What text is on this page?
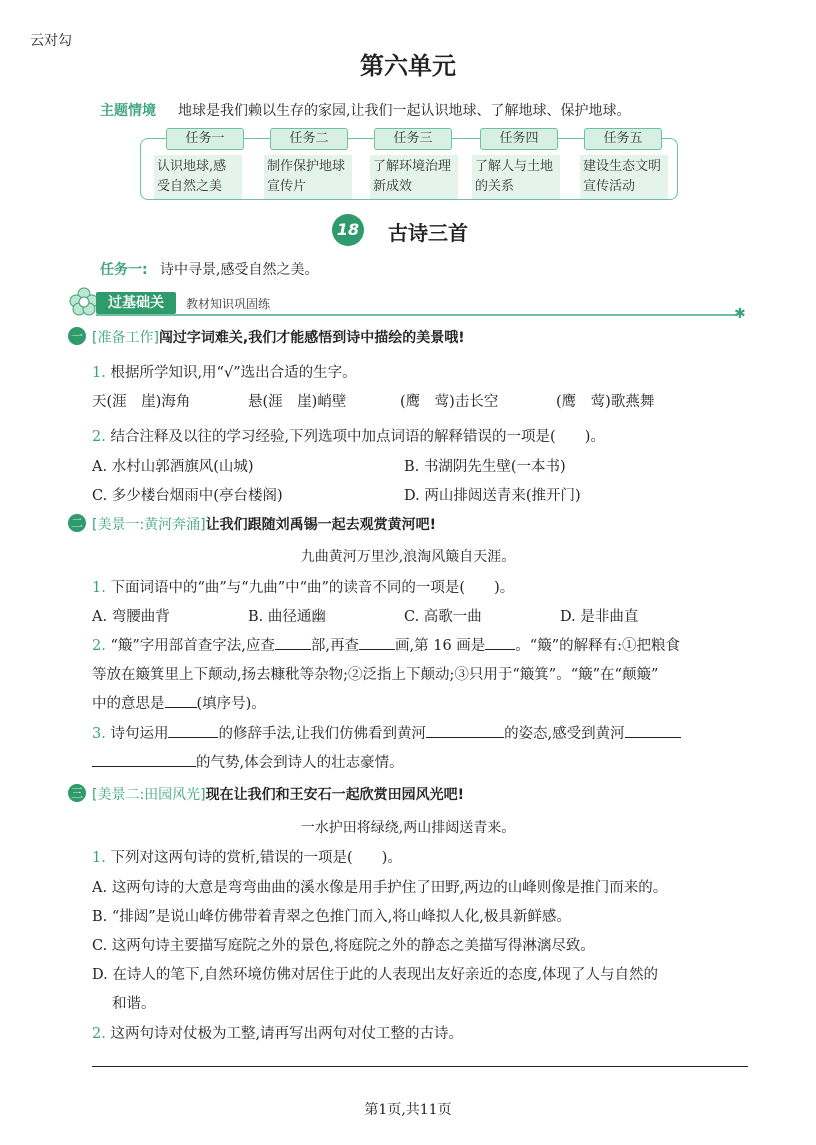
云对勾
第六单元
主题情境 地球是我们赖以生存的家园,让我们一起认识地球、了解地球、保护地球。
任务一
认识地球,感受自然之美
任务二
制作保护地球宣传片
任务三
了解环境治理新成效
任务四
了解人与土地的关系
任务五
建设生态文明宣传活动
18 古诗三首
任务一: 诗中寻景,感受自然之美。
过基础关	教材知识巩固练
✱
一 [准备工作]闯过字词难关,我们才能感悟到诗中描绘的美景哦!
1. 根据所学知识,用“√”选出合适的生字。
天(涯　崖)海角	悬(涯　崖)峭壁	(鹰　莺)击长空	(鹰　莺)歌燕舞
2. 结合注释及以往的学习经验,下列选项中加点词语的解释错误的一项是(　　)。
A. 水村山郭酒旗风(山城)	B. 书湖阴先生壁(一本书)
C. 多少楼台烟雨中(亭台楼阁)	D. 两山排闼送青来(推开门)
二 [美景一:黄河奔涌]让我们跟随刘禹锡一起去观赏黄河吧!
九曲黄河万里沙,浪淘风簸自天涯。
1. 下面词语中的“曲”与“九曲”中“曲”的读音不同的一项是(　　)。
A. 弯腰曲背	B. 曲径通幽	C. 高歌一曲	D. 是非曲直
2. “簸”字用部首查字法,应查 部,再查 画,第 16 画是 。“簸”的解释有:①把粮食
等放在簸箕里上下颠动,扬去糠秕等杂物;②泛指上下颠动;③只用于“簸箕”。“簸”在“颠簸”
中的意思是 (填序号)。
3. 诗句运用	的修辞手法,让我们仿佛看到黄河	的姿态,感受到黄河
的气势,体会到诗人的壮志豪情。
三 [美景二:田园风光]现在让我们和王安石一起欣赏田园风光吧!
一水护田将绿绕,两山排闼送青来。
1. 下列对这两句诗的赏析,错误的一项是(　　)。
A. 这两句诗的大意是弯弯曲曲的溪水像是用手护住了田野,两边的山峰则像是推门而来的。
B. “排闼”是说山峰仿佛带着青翠之色推门而入,将山峰拟人化,极具新鲜感。
C. 这两句诗主要描写庭院之外的景色,将庭院之外的静态之美描写得淋漓尽致。
D. 在诗人的笔下,自然环境仿佛对居住于此的人表现出友好亲近的态度,体现了人与自然的
和谐。
2. 这两句诗对仗极为工整,请再写出两句对仗工整的古诗。
第1页,共11页
